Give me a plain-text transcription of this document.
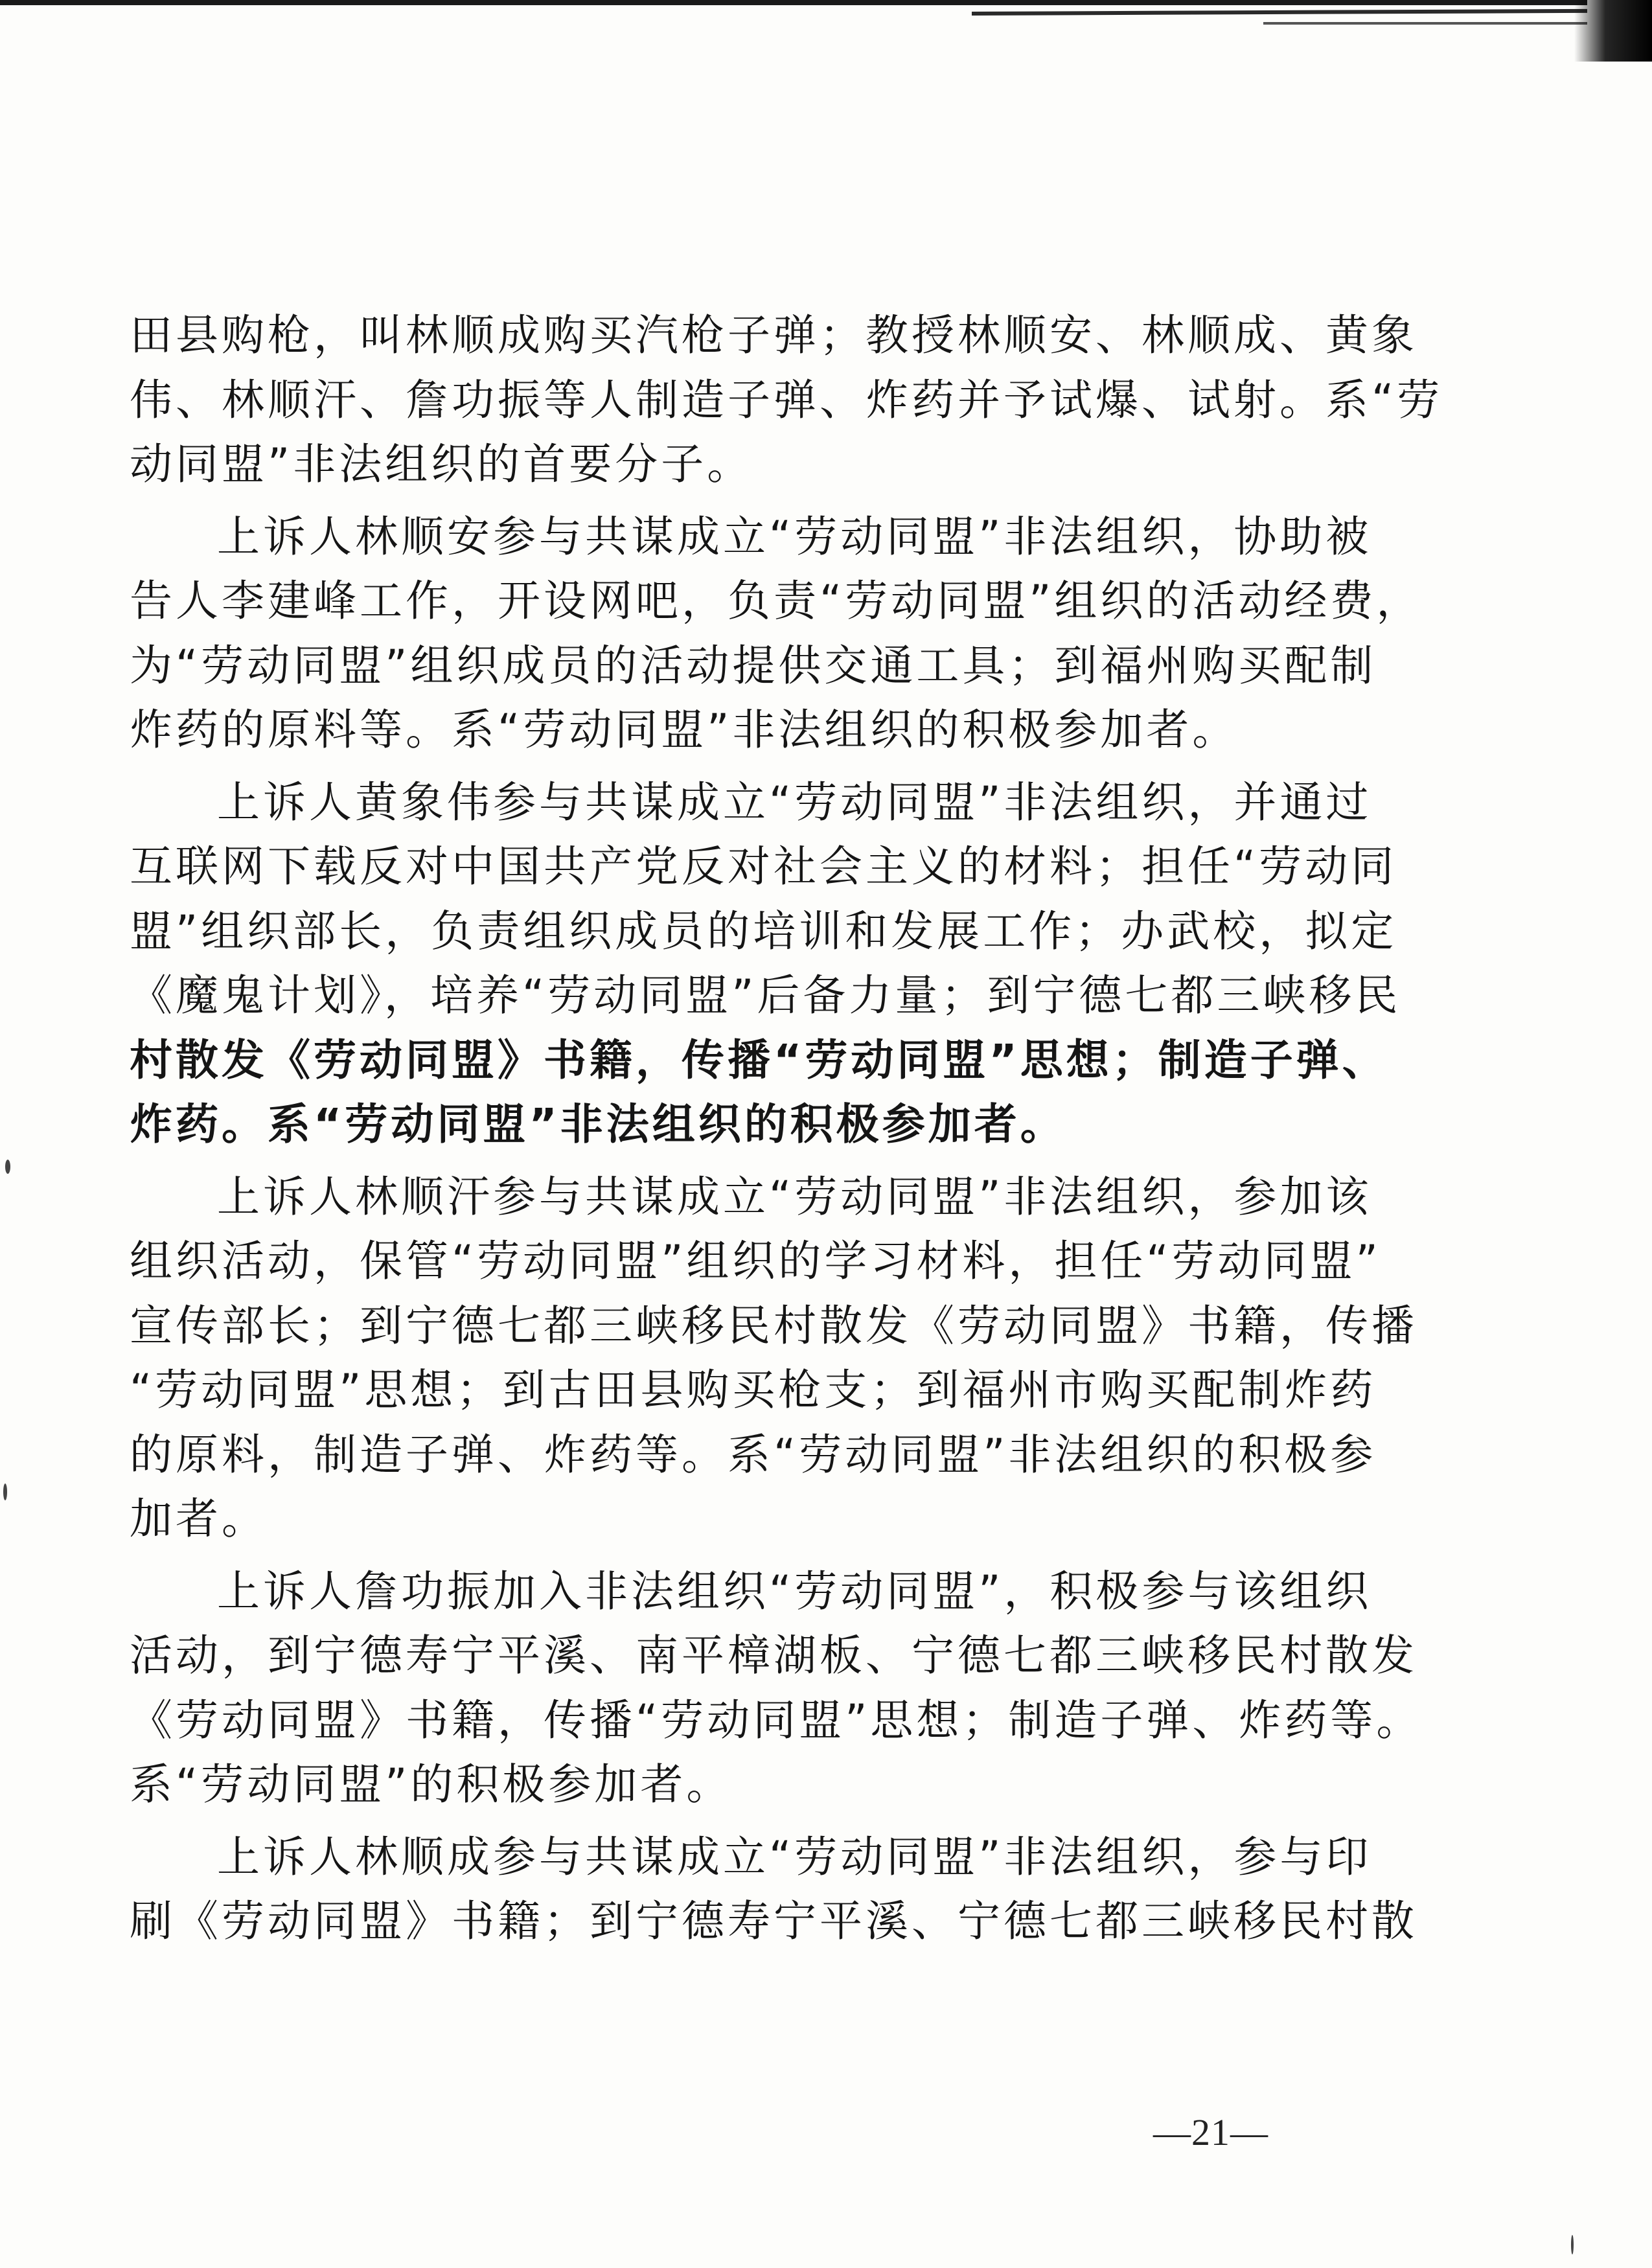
田县购枪，叫林顺成购买汽枪子弹；教授林顺安、林顺成、黄象
伟、林顺汗、詹功振等人制造子弹、炸药并予试爆、试射。系“劳
动同盟”非法组织的首要分子。
上诉人林顺安参与共谋成立“劳动同盟”非法组织，协助被
告人李建峰工作，开设网吧，负责“劳动同盟”组织的活动经费，
为“劳动同盟”组织成员的活动提供交通工具；到福州购买配制
炸药的原料等。系“劳动同盟”非法组织的积极参加者。
上诉人黄象伟参与共谋成立“劳动同盟”非法组织，并通过
互联网下载反对中国共产党反对社会主义的材料；担任“劳动同
盟”组织部长，负责组织成员的培训和发展工作；办武校，拟定
《魔鬼计划》，培养“劳动同盟”后备力量；到宁德七都三峡移民
村散发《劳动同盟》书籍，传播“劳动同盟”思想；制造子弹、
炸药。系“劳动同盟”非法组织的积极参加者。
上诉人林顺汗参与共谋成立“劳动同盟”非法组织，参加该
组织活动，保管“劳动同盟”组织的学习材料，担任“劳动同盟”
宣传部长；到宁德七都三峡移民村散发《劳动同盟》书籍，传播
“劳动同盟”思想；到古田县购买枪支；到福州市购买配制炸药
的原料，制造子弹、炸药等。系“劳动同盟”非法组织的积极参
加者。
上诉人詹功振加入非法组织“劳动同盟”，积极参与该组织
活动，到宁德寿宁平溪、南平樟湖板、宁德七都三峡移民村散发
《劳动同盟》书籍，传播“劳动同盟”思想；制造子弹、炸药等。
系“劳动同盟”的积极参加者。
上诉人林顺成参与共谋成立“劳动同盟”非法组织，参与印
刷《劳动同盟》书籍；到宁德寿宁平溪、宁德七都三峡移民村散
—21—
